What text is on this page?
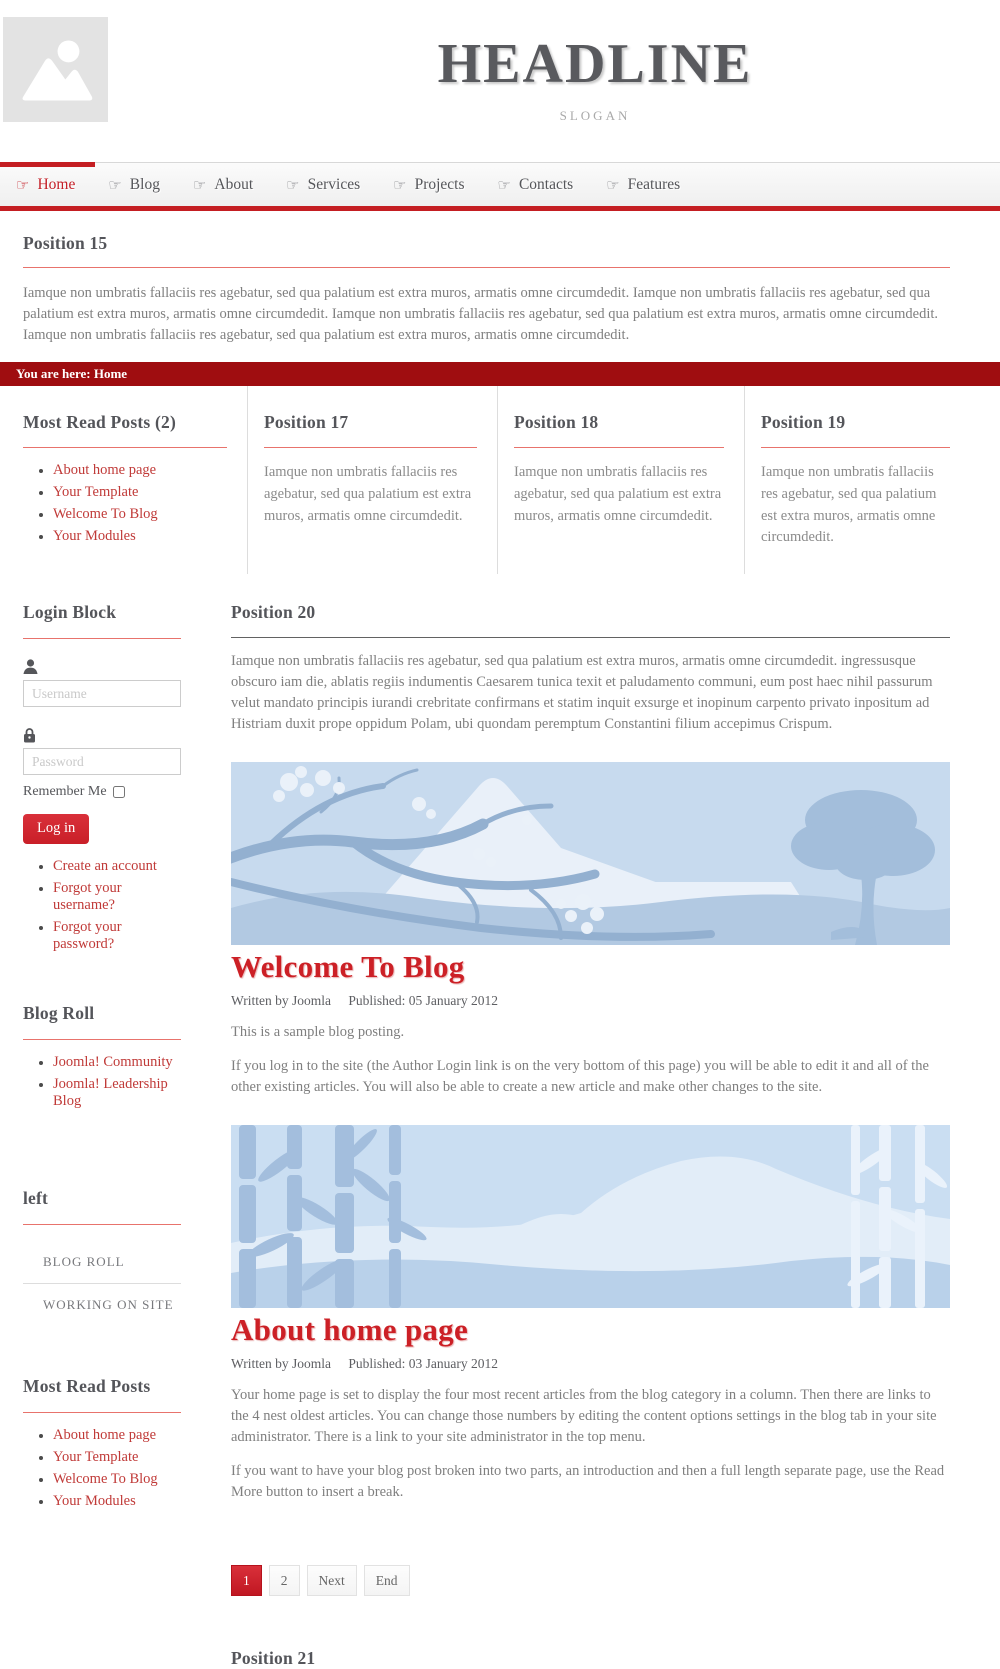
HEADLINE
SLOGAN
☞ Home ☞ Blog ☞ About ☞ Services ☞ Projects ☞ Contacts ☞ Features
Position 15

Iamque non umbratis fallaciis res agebatur, sed qua palatium est extra muros, armatis omne circumdedit. Iamque non umbratis fallaciis res agebatur, sed qua palatium est extra muros, armatis omne circumdedit. Iamque non umbratis fallaciis res agebatur, sed qua palatium est extra muros, armatis omne circumdedit. Iamque non umbratis fallaciis res agebatur, sed qua palatium est extra muros, armatis omne circumdedit.

You are here: Home
Most Read Posts (2)
• About home page
• Your Template
• Welcome To Blog
• Your Modules
Position 17

Iamque non umbratis fallaciis res agebatur, sed qua palatium est extra muros, armatis omne circumdedit.

Position 18

Iamque non umbratis fallaciis res agebatur, sed qua palatium est extra muros, armatis omne circumdedit.

Position 19

Iamque non umbratis fallaciis res agebatur, sed qua palatium est extra muros, armatis omne circumdedit.

Login Block
Username
Remember Me
Log in
• Create an account
• Forgot your username?
• Forgot your password?
Blog Roll
• Joomla! Community
• Joomla! Leadership Blog
left
BLOG ROLL
WORKING ON SITE
Most Read Posts
• About home page
• Your Template
• Welcome To Blog
• Your Modules
Position 20

Iamque non umbratis fallaciis res agebatur, sed qua palatium est extra muros, armatis omne circumdedit. ingressusque obscuro iam die, ablatis regiis indumentis Caesarem tunica texit et paludamento communi, eum post haec nihil passurum velut mandato principis iurandi crebritate confirmans et statim inquit exsurge et inopinum carpento privato inpositum ad Histriam duxit prope oppidum Polam, ubi quondam peremptum Constantini filium accepimus Crispum.

Welcome To Blog
Written by Joomla Published: 05 January 2012

This is a sample blog posting.

If you log in to the site (the Author Login link is on the very bottom of this page) you will be able to edit it and all of the other existing articles. You will also be able to create a new article and make other changes to the site.

About home page
Written by Joomla Published: 03 January 2012

Your home page is set to display the four most recent articles from the blog category in a column. Then there are links to the 4 nest oldest articles. You can change those numbers by editing the content options settings in the blog tab in your site administrator. There is a link to your site administrator in the top menu.

If you want to have your blog post broken into two parts, an introduction and then a full length separate page, use the Read More button to insert a break.

1	2	Next	End
Position 21
